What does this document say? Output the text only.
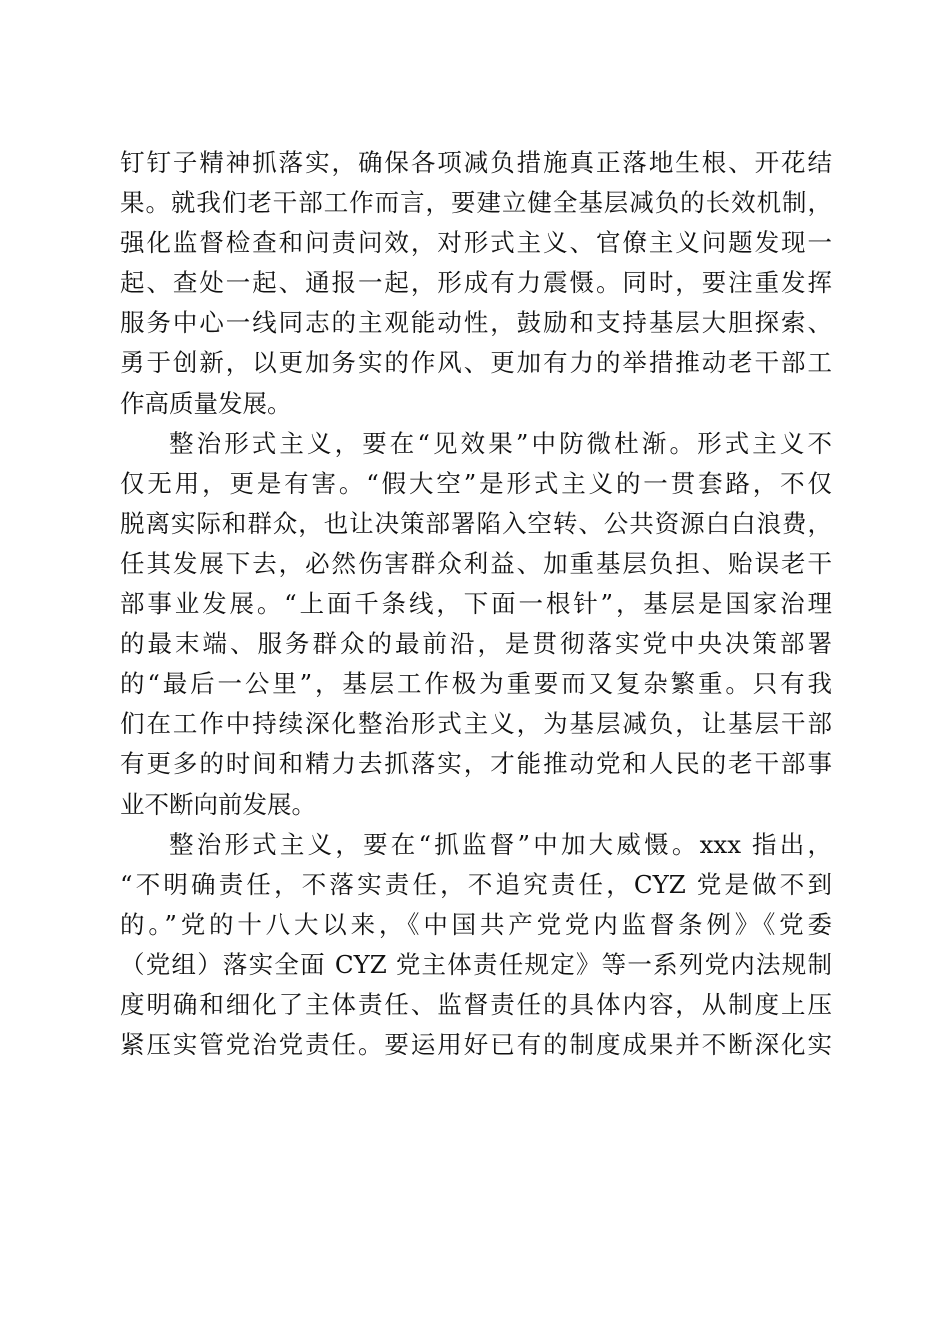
钉钉子精神抓落实，确保各项减负措施真正落地生根、开花结
果。就我们老干部工作而言，要建立健全基层减负的长效机制，
强化监督检查和问责问效，对形式主义、官僚主义问题发现一
起、查处一起、通报一起，形成有力震慑。同时，要注重发挥
服务中心一线同志的主观能动性，鼓励和支持基层大胆探索、
勇于创新，以更加务实的作风、更加有力的举措推动老干部工
作高质量发展。
整治形式主义，要在“见效果”中防微杜渐。形式主义不
仅无用，更是有害。“假大空”是形式主义的一贯套路，不仅
脱离实际和群众，也让决策部署陷入空转、公共资源白白浪费，
任其发展下去，必然伤害群众利益、加重基层负担、贻误老干
部事业发展。“上面千条线，下面一根针”，基层是国家治理
的最末端、服务群众的最前沿，是贯彻落实党中央决策部署
的“最后一公里”，基层工作极为重要而又复杂繁重。只有我
们在工作中持续深化整治形式主义，为基层减负，让基层干部
有更多的时间和精力去抓落实，才能推动党和人民的老干部事
业不断向前发展。
整治形式主义，要在“抓监督”中加大威慑。xxx 指出，
“不明确责任，不落实责任，不追究责任，CYZ 党是做不到
的。”党的十八大以来，《中国共产党党内监督条例》《党委
（党组）落实全面 CYZ 党主体责任规定》等一系列党内法规制
度明确和细化了主体责任、监督责任的具体内容，从制度上压
紧压实管党治党责任。要运用好已有的制度成果并不断深化实
